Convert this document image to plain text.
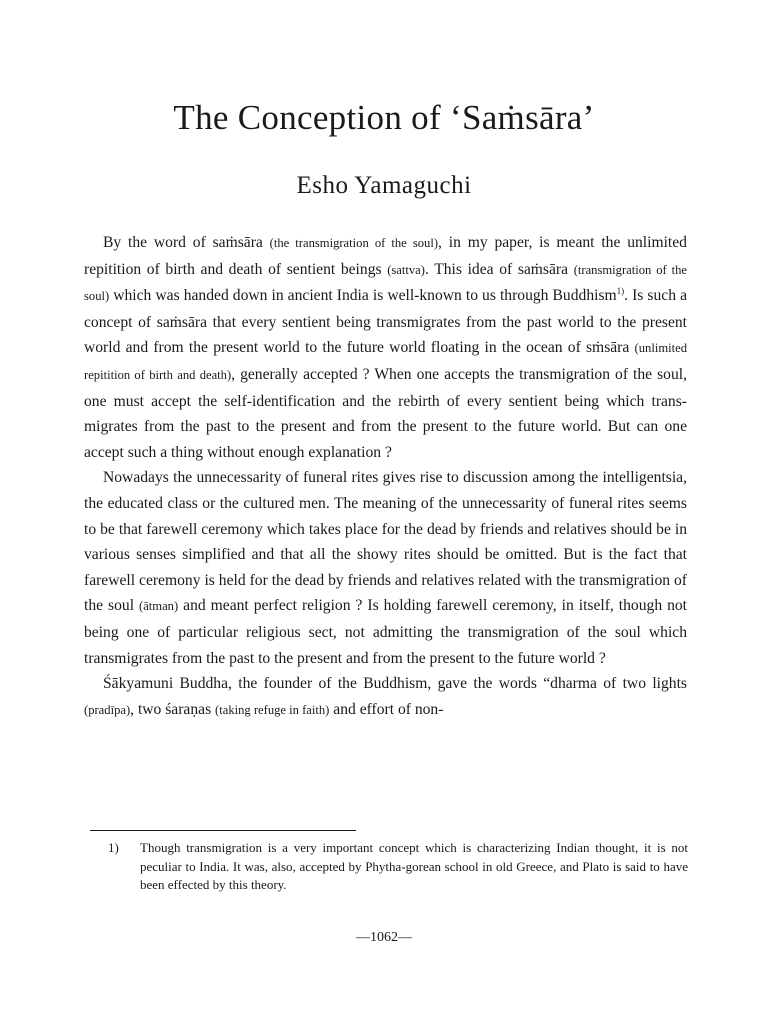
The Conception of ‘Saṁsāra’
Esho Yamaguchi

By the word of saṁsāra (the transmigration of the soul), in my paper, is meant the unlimited repitition of birth and death of sentient beings (sattva). This idea of saṁsāra (transmigration of the soul) which was handed down in ancient India is well-known to us through Buddhism$^{1)}$. Is such a concept of saṁsāra that every sentient being transmigrates from the past world to the present world and from the present world to the future world floating in the ocean of sṁsāra (unlimited repitition of birth and death), generally accepted ? When one accepts the transmigration of the soul, one must accept the self-identification and the rebirth of every sentient being which trans-migrates from the past to the present and from the present to the future world. But can one accept such a thing without enough explanation ?

Nowadays the unnecessarity of funeral rites gives rise to discussion among the intelligentsia, the educated class or the cultured men. The meaning of the unnecessarity of funeral rites seems to be that farewell ceremony which takes place for the dead by friends and relatives should be in various senses simplified and that all the showy rites should be omitted. But is the fact that farewell ceremony is held for the dead by friends and relatives related with the transmigration of the soul (ātman) and meant perfect religion ? Is holding farewell ceremony, in itself, though not being one of particular religious sect, not admitting the transmigration of the soul which transmigrates from the past to the present and from the present to the future world ?

Śākyamuni Buddha, the founder of the Buddhism, gave the words “dharma of two lights (pradīpa), two śaraṇas (taking refuge in faith) and effort of non-

1)	Though transmigration is a very important concept which is characterizing Indian thought, it is not peculiar to India. It was, also, accepted by Phytha-gorean school in old Greece, and Plato is said to have been effected by this theory.
—1062—
